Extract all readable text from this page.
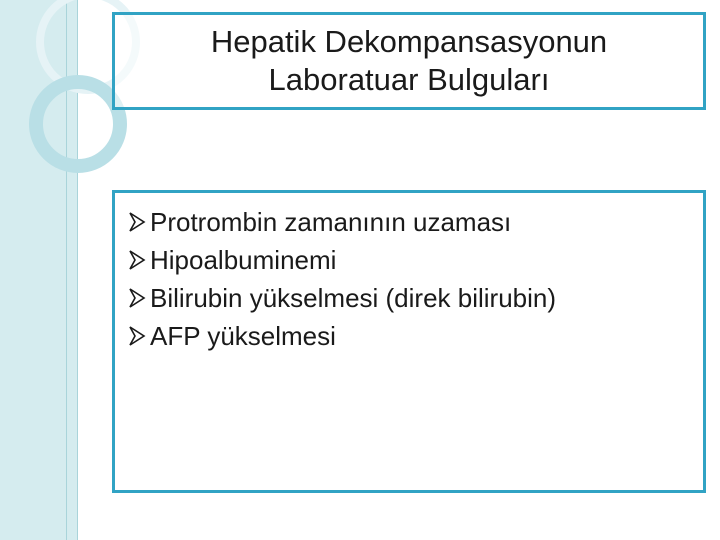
Hepatik Dekompansasyonun
Laboratuar Bulguları
Protrombin zamanının uzaması
Hipoalbuminemi
Bilirubin yükselmesi (direk bilirubin)
AFP yükselmesi
